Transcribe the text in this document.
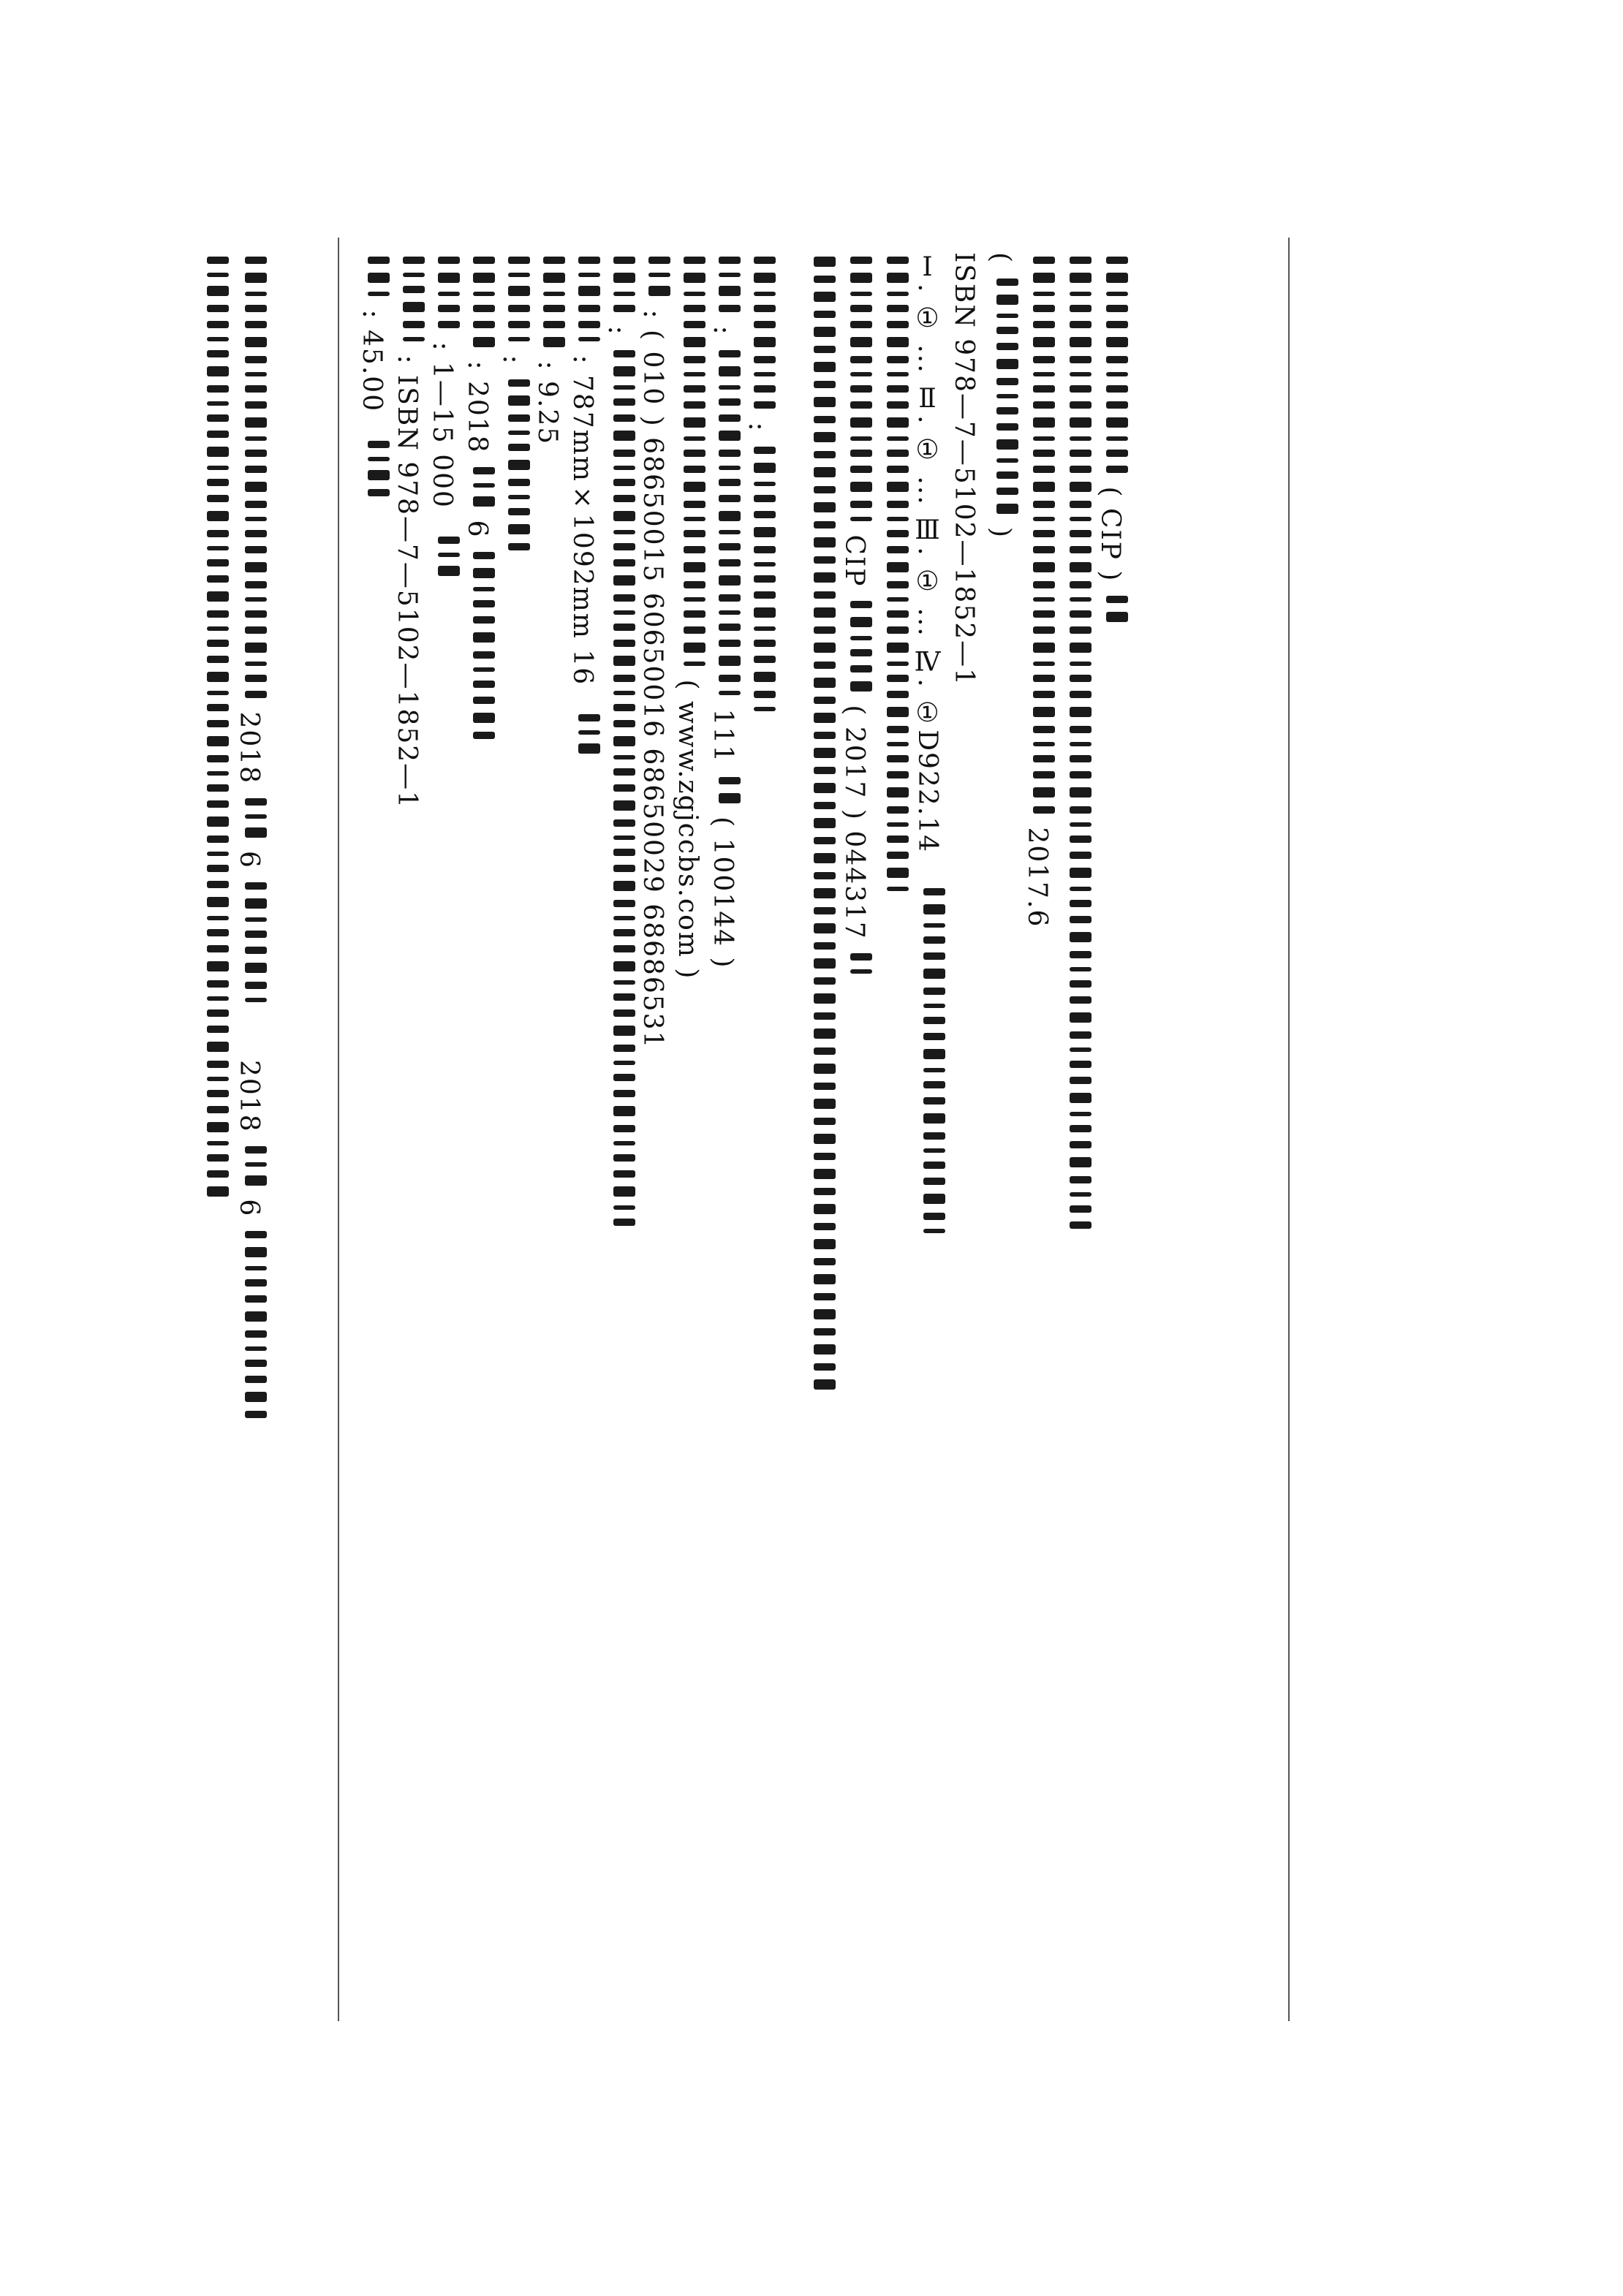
2018  6  2018  6
: 45.00 : ISBN 978—7—5102—1852—1
: 1—15 000 : 2018  6
: : 9.25
: 787mm×1092mm 16
:
: ( 010 ) 68650015 60650016 68650029 68686531 ( www.zgjccbs.com )
:  111  ( 100144 )
:
CIP  ( 2017 ) 044317 Ⅰ. ① ... Ⅱ. ① ... Ⅲ. ① ... Ⅳ. ①D922.14 ISBN 978—7—5102—1852—1 (  )
2017.6
( CIP )
